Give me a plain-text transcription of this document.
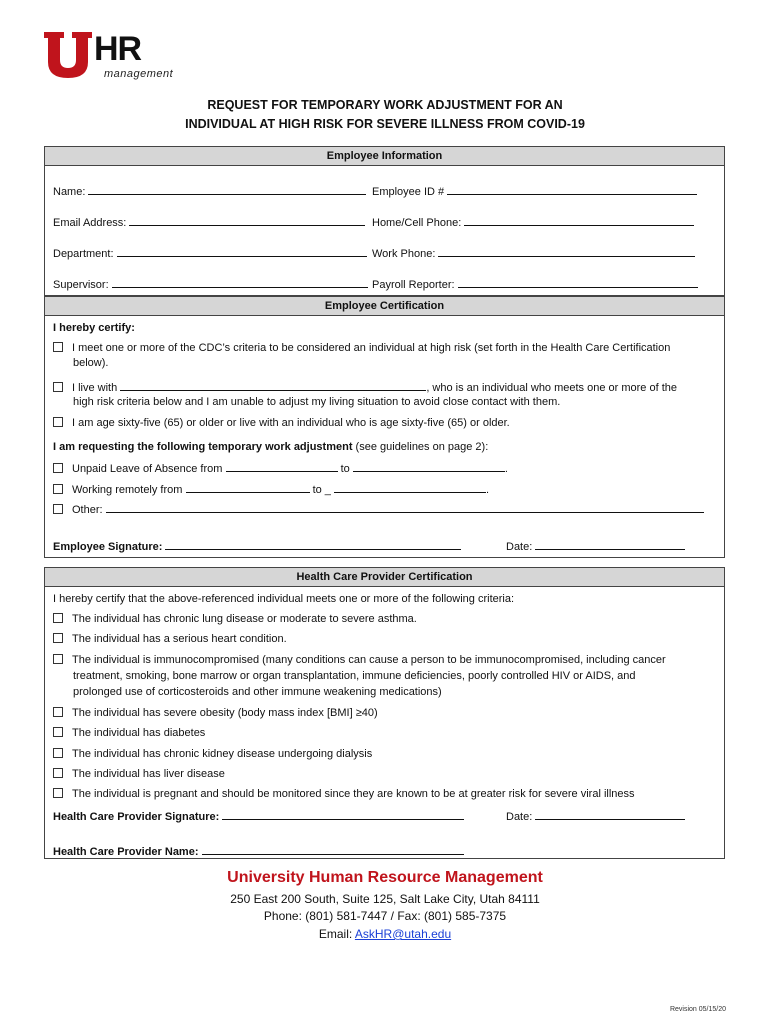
HR
management
REQUEST FOR TEMPORARY WORK ADJUSTMENT FOR AN
INDIVIDUAL AT HIGH RISK FOR SEVERE ILLNESS FROM COVID-19
Employee Information
Name:	Employee ID #
Email Address:	Home/Cell Phone:
Department:	Work Phone:
Supervisor:	Payroll Reporter:
Employee Certification
I hereby certify:
I meet one or more of the CDC’s criteria to be considered an individual at high risk (set forth in the Health Care Certification
below).
I live with	, who is an individual who meets one or more of the
high risk criteria below and I am unable to adjust my living situation to avoid close contact with them.
I am age sixty-five (65) or older or live with an individual who is age sixty-five (65) or older.
I am requesting the following temporary work adjustment (see guidelines on page 2):
Unpaid Leave of Absence from	to	.
Working remotely from	to _	.
Other:
Employee Signature:	Date:
Health Care Provider Certification
I hereby certify that the above-referenced individual meets one or more of the following criteria:
The individual has chronic lung disease or moderate to severe asthma.
The individual has a serious heart condition.
The individual is immunocompromised (many conditions can cause a person to be immunocompromised, including cancer
treatment, smoking, bone marrow or organ transplantation, immune deficiencies, poorly controlled HIV or AIDS, and
prolonged use of corticosteroids and other immune weakening medications)
The individual has severe obesity (body mass index [BMI] ≥40)
The individual has diabetes
The individual has chronic kidney disease undergoing dialysis
The individual has liver disease
The individual is pregnant and should be monitored since they are known to be at greater risk for severe viral illness
Health Care Provider Signature:	Date:
Health Care Provider Name:
University Human Resource Management
250 East 200 South, Suite 125, Salt Lake City, Utah 84111
Phone: (801) 581-7447 / Fax: (801) 585-7375
Email: AskHR@utah.edu
Revision 05/15/20
